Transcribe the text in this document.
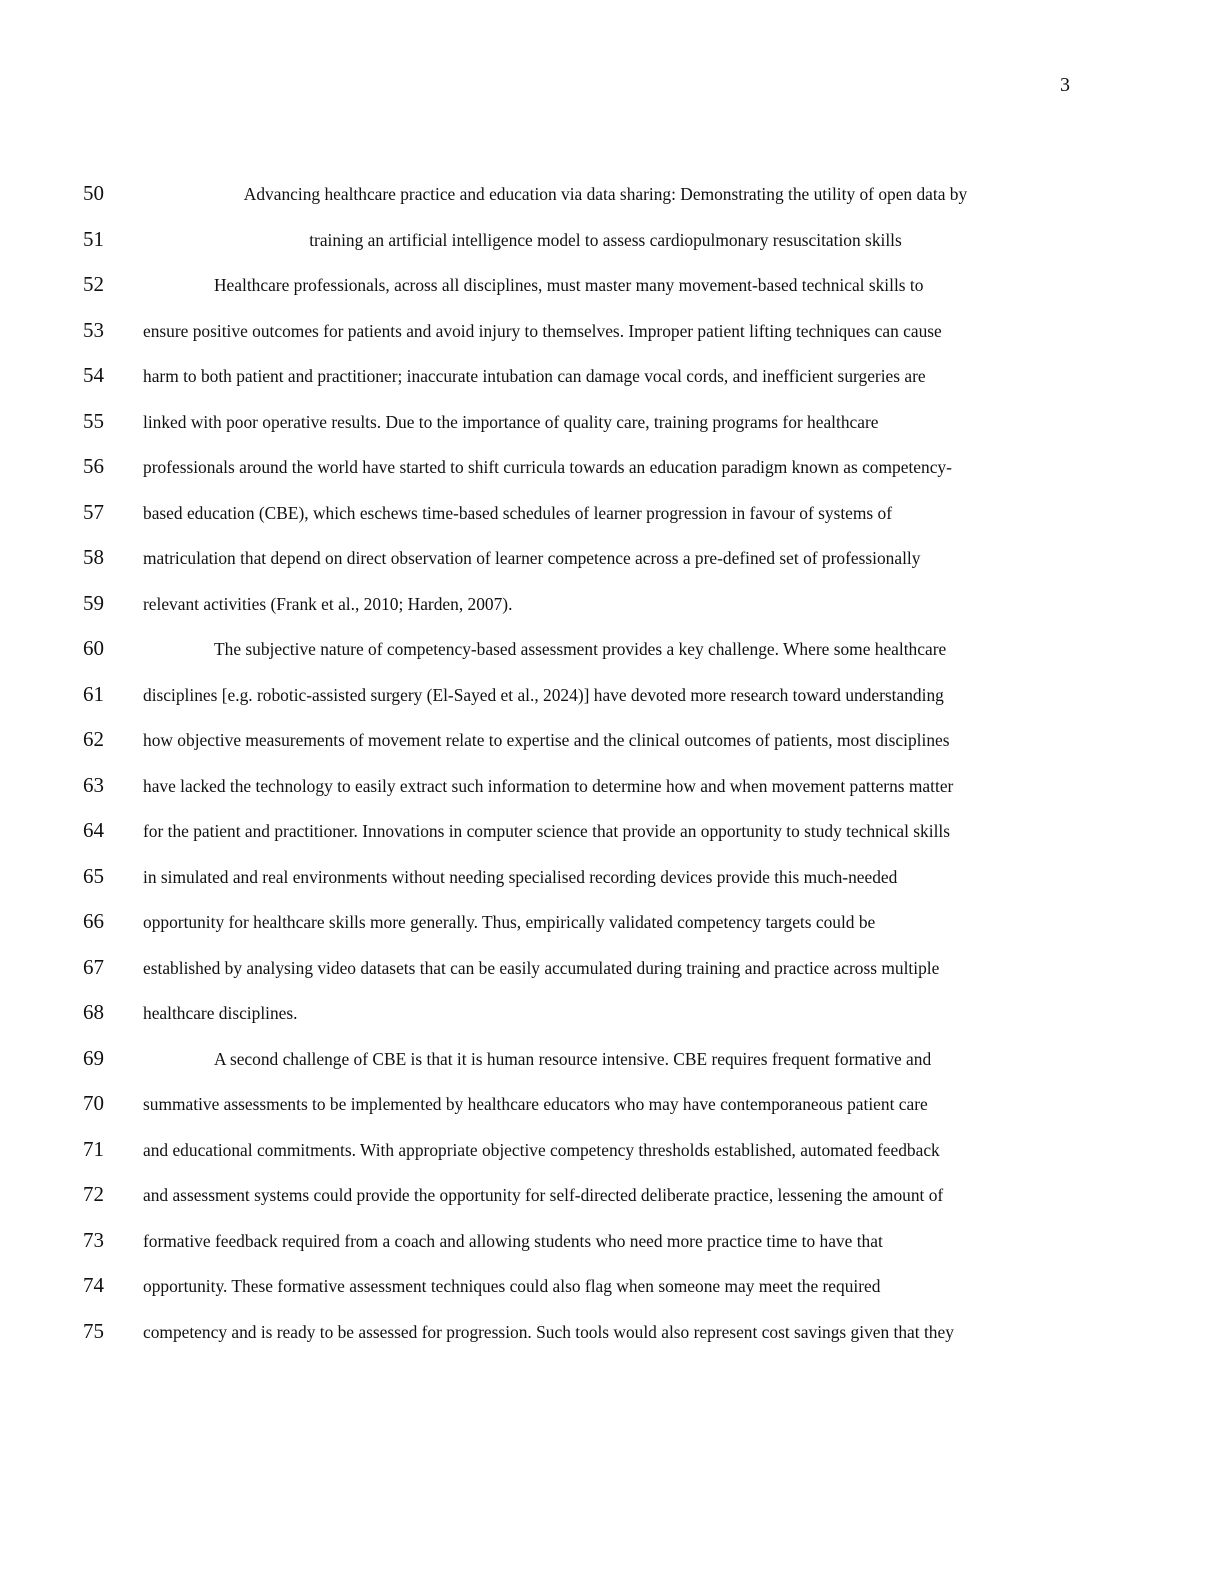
3
50	Advancing healthcare practice and education via data sharing: Demonstrating the utility of open data by
51	training an artificial intelligence model to assess cardiopulmonary resuscitation skills
52	Healthcare professionals, across all disciplines, must master many movement-based technical skills to
53	ensure positive outcomes for patients and avoid injury to themselves. Improper patient lifting techniques can cause
54	harm to both patient and practitioner; inaccurate intubation can damage vocal cords, and inefficient surgeries are
55	linked with poor operative results. Due to the importance of quality care, training programs for healthcare
56	professionals around the world have started to shift curricula towards an education paradigm known as competency-
57	based education (CBE), which eschews time-based schedules of learner progression in favour of systems of
58	matriculation that depend on direct observation of learner competence across a pre-defined set of professionally
59	relevant activities (Frank et al., 2010; Harden, 2007).
60	The subjective nature of competency-based assessment provides a key challenge. Where some healthcare
61	disciplines [e.g. robotic-assisted surgery (El-Sayed et al., 2024)] have devoted more research toward understanding
62	how objective measurements of movement relate to expertise and the clinical outcomes of patients, most disciplines
63	have lacked the technology to easily extract such information to determine how and when movement patterns matter
64	for the patient and practitioner. Innovations in computer science that provide an opportunity to study technical skills
65	in simulated and real environments without needing specialised recording devices provide this much-needed
66	opportunity for healthcare skills more generally. Thus, empirically validated competency targets could be
67	established by analysing video datasets that can be easily accumulated during training and practice across multiple
68	healthcare disciplines.
69	A second challenge of CBE is that it is human resource intensive. CBE requires frequent formative and
70	summative assessments to be implemented by healthcare educators who may have contemporaneous patient care
71	and educational commitments. With appropriate objective competency thresholds established, automated feedback
72	and assessment systems could provide the opportunity for self-directed deliberate practice, lessening the amount of
73	formative feedback required from a coach and allowing students who need more practice time to have that
74	opportunity. These formative assessment techniques could also flag when someone may meet the required
75	competency and is ready to be assessed for progression. Such tools would also represent cost savings given that they
